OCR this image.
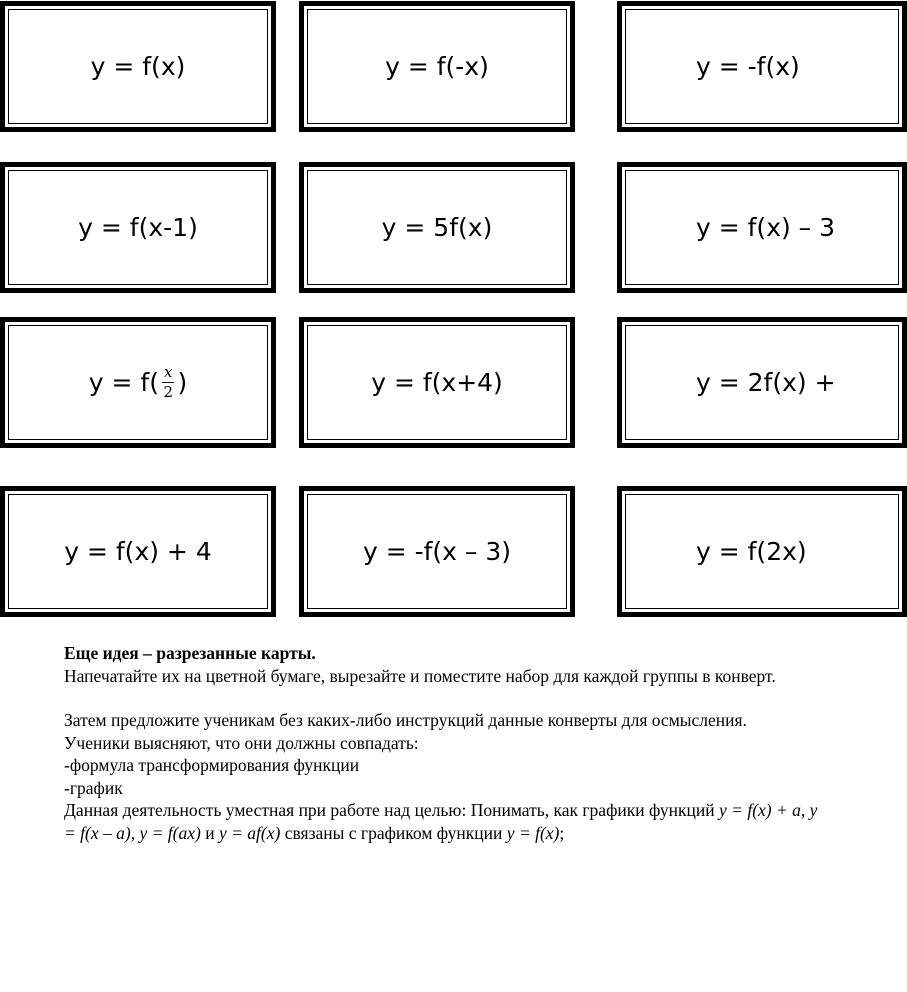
y = f(x)	y = f(-x)	y = -f(x)
y = f(x-1)	y = 5f(x)	y = f(x) – 3
$y = f( \frac{x}{2}$ )	y = f(x+4)	y = 2f(x) +
y = f(x) + 4	y = -f(x – 3)	y = f(2x)

Еще идея – разрезанные карты.

Напечатайте их на цветной бумаге, вырезайте и поместите набор для каждой группы в конверт.

Затем предложите ученикам без каких-либо инструкций данные конверты для осмысления.

Ученики выясняют, что они должны совпадать:

-формула трансформирования функции

-график

Данная деятельность уместная при работе над целью: Понимать, как графики функций y = f(x) + a, y = f(x – a), y = f(ax) и y = af(x) связаны с графиком функции y = f(x);
